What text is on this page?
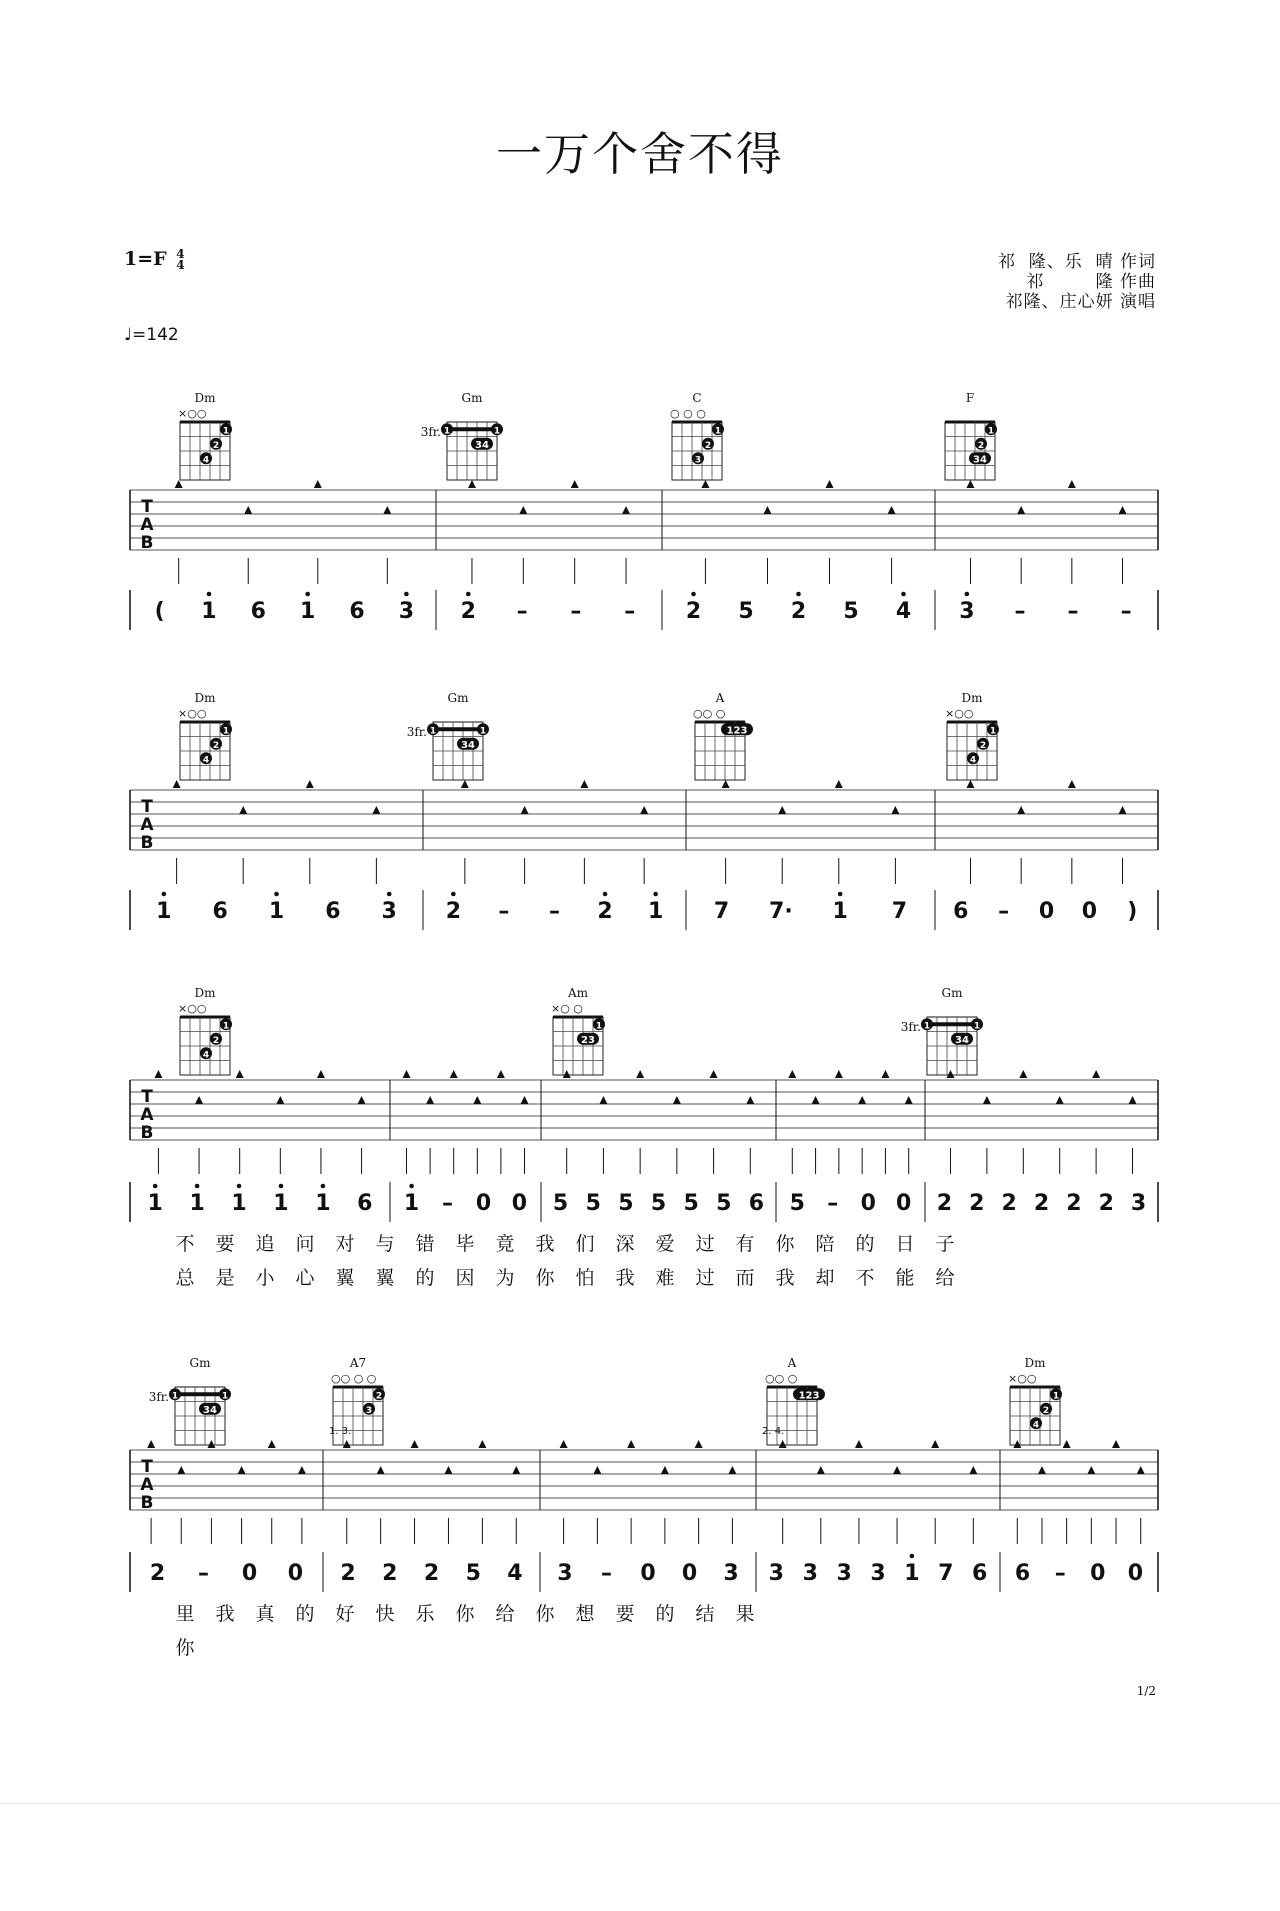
一万个舍不得
1=F 4
4
♩=142
祁  隆、乐  晴 作词
祁        隆 作曲
祁隆、庄心妍 演唱
Dm
×○○
1
2
4
Gm
3fr. 1	1
34
C
○ ○ ○
1
2
3
F
1
2
34
T
A
B
( 1 6 1 6 3 2 – – – 2 5 2 5 4 3 – – –
Dm
×○○
1
2
4
Gm
3fr. 1	1
34
A
○○ ○
123
Dm
×○○
1
2
4
T
A
B
1 6 1 6 3 2 – – 2 1 7 7· 1 7 6 – 0 0 )
Dm
×○○
1
2
4
Am
×○ ○
1
23
Gm
3fr. 1	1
34
T
A
B
1 1 1 1 1 6 1 – 0 0 5 5 5 5 5 5 6 5 – 0 0 2 2 2 2 2 2 3
不 要 追 问 对 与 错 毕 竟 我 们 深 爱 过 有 你 陪 的 日 子
总 是 小 心 翼 翼 的 因 为 你 怕 我 难 过 而 我 却 不 能 给
Gm
3fr. 1	1
34
A7
○○ ○ ○
2
3
A
○○ ○
123
Dm
×○○
1
2
4
T
A
B
2 – 0 0 2 2 2 5 4 3 – 0 0 3 3 3 3 3 1 7 6 6 – 0 0
1. 3.	2. 4.
里 我 真 的 好 快 乐 你 给 你 想 要 的 结 果
你
1/2
